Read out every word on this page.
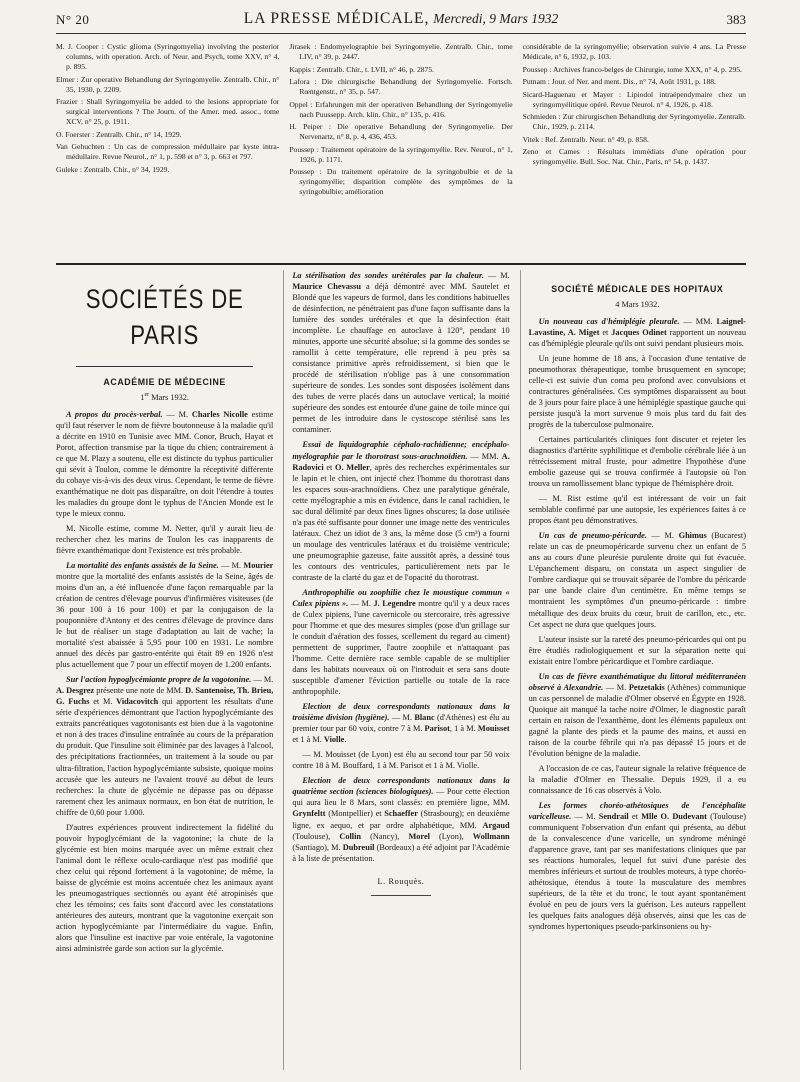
N° 20	LA PRESSE MÉDICALE, Mercredi, 9 Mars 1932	383

M. J. Cooper : Cystic glioma (Syringomyelia) involving the posterior columns, with operation. Arch. of Neur. and Psych, tome XXV, n° 4, p. 895.

Elmer : Zur operative Behandlung der Syringomyelie. Zentralb. Chir., n° 35, 1930, p. 2209.

Frazier : Shall Syringomyelia be added to the lesions appropriate for surgical interventions ? The Journ. of the Amer. med. assoc., tome XCV, n° 25, p. 1911.

O. Foerster : Zentralb. Chir., n° 14, 1929.

Van Gehuchten : Un cas de compression médullaire par kyste intra-médullaire. Revue Neurol., n° 1, p. 598 et n° 3, p. 663 et 797.

Guleke : Zentralb. Chir., n° 34, 1929.

Jirasek : Endomyelographie bei Syringomyelie. Zentralb. Chir., tome LIV, n° 39, p. 2447.

Kappis : Zentralb. Chir., t. LVII, n° 46, p. 2875.

Lafora : Die chirurgische Behandlung der Syringomyelie. Fortsch. Rœntgenstr., n° 35, p. 547.

Oppel : Erfahrungen mit der operativen Behandlung der Syringomyelie nach Puussepp. Arch. klin. Chir., n° 135, p. 416.

H. Peiper : Die operative Behandlung der Syringomyelie. Der Nervenartz, n° 8, p. 4, 436, 453.

Poussep : Traitement opératoire de la syringomyélie. Rev. Neurol., n° 1, 1926, p. 1171.

Poussep : Du traitement opératoire de la syringobulbie et de la syringomyélie; disparition complète des symptômes de la syringobulbie; amélioration

considérable de la syringomyélie; observation suivie 4 ans. La Presse Médicale, n° 6, 1932, p. 103.

Poussep : Archives franco-belges de Chirurgie, tome XXX, n° 4, p. 295.

Putnam : Jour. of Ner. and ment. Dis., n° 74, Août 1931, p. 188.

Sicard-Haguenau et Mayer : Lipiodol intraépendymaire chez un syringomyélitique opéré. Revue Neurol. n° 4, 1926, p. 418.

Schmieden : Zur chirurgischen Behandlung der Syringomyelie. Zentralb. Chir., 1929, p. 2114.

Vitek : Ref. Zentralb. Neur. n° 49, p. 858.

Zeno et Cames : Résultats immédiats d'une opération pour syringomyélie. Bull. Soc. Nat. Chir., Paris, n° 54, p. 1437.

SOCIÉTÉS DE PARIS
ACADÉMIE DE MÉDECINE
1er Mars 1932.

A propos du procès-verbal. — M. Charles Nicolle estime qu'il faut réserver le nom de fièvre boutonneuse à la maladie qu'il a décrite en 1910 en Tunisie avec MM. Conor, Bruch, Hayat et Porot, affection transmise par la tique du chien; contrairement à ce que M. Plazy a soutenu, elle est distincte du typhus particulier qui sévit à Toulon, comme le démontre la réceptivité différente du cobaye vis-à-vis des deux virus. Cependant, le terme de fièvre exanthématique ne doit pas disparaître, on doit l'étendre à toutes les maladies du groupe dont le typhus de l'Ancien Monde est le type le mieux connu.

M. Nicolle estime, comme M. Netter, qu'il y aurait lieu de rechercher chez les marins de Toulon les cas inapparents de fièvre exanthématique dont l'existence est très probable.

La mortalité des enfants assistés de la Seine. — M. Mourier montre que la mortalité des enfants assistés de la Seine, âgés de moins d'un an, a été influencée d'une façon remarquable par la création de centres d'élevage pourvus d'infirmières visiteuses (de 36 pour 100 à 16 pour 100) et par la conjugaison de la pouponnière d'Antony et des centres d'élevage de province dans le but de réaliser un stage d'adaptation au lait de vache; la mortalité s'est abaissée à 5,95 pour 100 en 1931. Le nombre annuel des décès par gastro-entérite qui était 89 en 1926 n'est plus actuellement que 7 pour un effectif moyen de 1.200 enfants.

Sur l'action hypoglycémiante propre de la vagotonine. — M. A. Desgrez présente une note de MM. D. Santenoise, Th. Brieu, G. Fuchs et M. Vidacovitch qui apportent les résultats d'une série d'expériences démontrant que l'action hypoglycémiante des extraits pancréatiques vagotonisants est bien due à la vagotonine et non à des traces d'insuline entraînée au cours de la préparation du produit. Que l'insuline soit éliminée par des lavages à l'alcool, des précipitations fractionnées, un traitement à la soude ou par ultra-filtration, l'action hypoglycémiante subsiste, quoique moins accusée que les auteurs ne l'avaient trouvé au début de leurs recherches: la chute de glycémie ne dépasse pas ou dépasse rarement chez les animaux normaux, en bon état de nutrition, le chiffre de 0,60 pour 1.000.

D'autres expériences prouvent indirectement la fidélité du pouvoir hypoglycémiant de la vagotonine; la chute de la glycémie est bien moins marquée avec un même extrait chez l'animal dont le réflexe oculo-cardiaque n'est pas modifié que chez celui qui répond fortement à la vagotonine; de même, la baisse de glycémie est moins accentuée chez les animaux ayant les pneumogastriques sectionnés ou ayant été atropinisés que chez les témoins; ces faits sont d'accord avec les constatations antérieures des auteurs, montrant que la vagotonine exerçait son action hypoglycémiante par l'intermédiaire du vague. Enfin, alors que l'insuline est inactive par voie entérale, la vagotonine ainsi administrée garde son action sur la glycémie.

La stérilisation des sondes urétérales par la chaleur. — M. Maurice Chevassu a déjà démontré avec MM. Sautelet et Blondé que les vapeurs de formol, dans les conditions habituelles de désinfection, ne pénétraient pas d'une façon suffisante dans la lumière des sondes urétérales et que la désinfection était incomplète. Le chauffage en autoclave à 120°, pendant 10 minutes, apporte une sécurité absolue; si la gomme des sondes se ramollit à cette température, elle reprend à peu près sa consistance primitive après refroidissement, si bien que le procédé de stérilisation n'oblige pas à une consommation supérieure de sondes. Les sondes sont disposées isolément dans des tubes de verre placés dans un autoclave vertical; la moitié supérieure des sondes est entourée d'une gaine de toile mince qui permet de les introduire dans le cystoscope stérilisé sans les contaminer.

Essai de liquidographie céphalo-rachidienne; encéphalo-myélographie par le thorotrast sous-arachnoïdien. — MM. A. Radovici et O. Meller, après des recherches expérimentales sur le lapin et le chien, ont injecté chez l'homme du thorotrast dans les espaces sous-arachnoïdiens. Chez une paralytique générale, cette myélographie a mis en évidence, dans le canal rachidien, le sac dural délimité par deux fines lignes obscures; la dose utilisée n'a pas été suffisante pour donner une image nette des ventricules latéraux. Chez un idiot de 3 ans, la même dose (5 cm³) a fourni un moulage des ventricules latéraux et du troisième ventricule; une pneumographie gazeuse, faite aussitôt après, a dessiné tous les contours des ventricules, particulièrement nets par le contraste de la clarté du gaz et de l'opacité du thorotrast.

Anthropophilie ou zoophilie chez le moustique commun « Culex pipiens ». — M. J. Legendre montre qu'il y a deux races de Culex pipiens, l'une cavernicole ou stercoraire, très agressive pour l'homme et que des mesures simples (pose d'un grillage sur le conduit d'aération des fosses, scellement du regard au ciment) permettent de supprimer, l'autre zoophile et n'attaquant pas l'homme. Cette dernière race semble capable de se multiplier dans les habitats nouveaux où on l'introduit et sera sans doute susceptible d'amener l'éviction partielle ou totale de la race anthropophile.

Election de deux correspondants nationaux dans la troisième division (hygiène). — M. Blanc (d'Athènes) est élu au premier tour par 60 voix, contre 7 à M. Parisot, 1 à M. Mouisset et 1 à M. Violle.

— M. Mouisset (de Lyon) est élu au second tour par 50 voix contre 18 à M. Bouffard, 1 à M. Parisot et 1 à M. Violle.

Election de deux correspondants nationaux dans la quatrième section (sciences biologiques). — Pour cette élection qui aura lieu le 8 Mars, sont classés: en première ligne, MM. Grynfeltt (Montpellier) et Schaeffer (Strasbourg); en deuxième ligne, ex aequo, et par ordre alphabétique, MM. Argaud (Toulouse), Collin (Nancy), Morel (Lyon), Wollmann (Santiago), M. Dubreuil (Bordeaux) a été adjoint par l'Académie à la liste de présentation.

L. Rouquès.
SOCIÉTÉ MÉDICALE DES HOPITAUX
4 Mars 1932.

Un nouveau cas d'hémiplégie pleurale. — MM. Laignel-Lavastine, A. Miget et Jacques Odinet rapportent un nouveau cas d'hémiplégie pleurale qu'ils ont suivi pendant plusieurs mois.

Un jeune homme de 18 ans, à l'occasion d'une tentative de pneumothorax thérapeutique, tombe brusquement en syncope; celle-ci est suivie d'un coma peu profond avec convulsions et contractures généralisées. Ces symptômes disparaissent au bout de 3 jours pour faire place à une hémiplégie spastique gauche qui persiste jusqu'à la mort survenue 9 mois plus tard du fait des progrès de la tuberculose pulmonaire.

Certaines particularités cliniques font discuter et rejeter les diagnostics d'artérite syphilitique et d'embolie cérébrale liée à un rétrécissement mitral fruste, pour admettre l'hypothèse d'une embolie gazeuse qui se trouva confirmée à l'autopsie où l'on trouva un ramollissement blanc typique de l'hémisphère droit.

— M. Rist estime qu'il est intéressant de voir un fait semblable confirmé par une autopsie, les expériences faites à ce propos étant peu démonstratives.

Un cas de pneumo-péricarde. — M. Ghimus (Bucarest) relate un cas de pneumopéricarde survenu chez un enfant de 5 ans au cours d'une pleurésie purulente droite qui fut évacuée. L'épanchement disparu, on constata un aspect singulier de l'ombre cardiaque qui se trouvait séparée de l'ombre du péricarde par une bande claire d'un centimètre. En même temps se montraient les symptômes d'un pneumo-péricarde : timbre métallique des deux bruits du cœur, bruit de carillon, etc., etc. Cet aspect ne dura que quelques jours.

L'auteur insiste sur la rareté des pneumo-péricardes qui ont pu être étudiés radiologiquement et sur la séparation nette qui existait entre l'ombre péricardique et l'ombre cardiaque.

Un cas de fièvre exanthématique du littoral méditerranéen observé à Alexandrie. — M. Petzetakis (Athènes) communique un cas personnel de maladie d'Olmer observé en Égypte en 1928. Quoique ait manqué la tache noire d'Olmer, le diagnostic paraît certain en raison de l'exanthème, dont les éléments papuleux ont gagné la plante des pieds et la paume des mains, et aussi en raison de la courbe fébrile qui n'a pas dépassé 15 jours et de l'évolution bénigne de la maladie.

A l'occasion de ce cas, l'auteur signale la relative fréquence de la maladie d'Olmer en Thessalie. Depuis 1929, il a eu connaissance de 16 cas observés à Volo.

Les formes choréo-athétosiques de l'encéphalite varicelleuse. — M. Sendrail et Mlle O. Dudevant (Toulouse) communiquent l'observation d'un enfant qui présenta, au début de la convalescence d'une varicelle, un syndrome méningé d'apparence grave, tant par ses manifestations cliniques que par ses réactions humorales, lequel fut suivi d'une parésie des membres inférieurs et surtout de troubles moteurs, à type choréo-athétosique, étendus à toute la musculature des membres supérieurs, de la tête et du tronc, le tout ayant spontanément évolué en peu de jours vers la guérison. Les auteurs rappellent les quelques faits analogues déjà observés, ainsi que les cas de syndromes hypertoniques pseudo-parkinsoniens ou hy-
